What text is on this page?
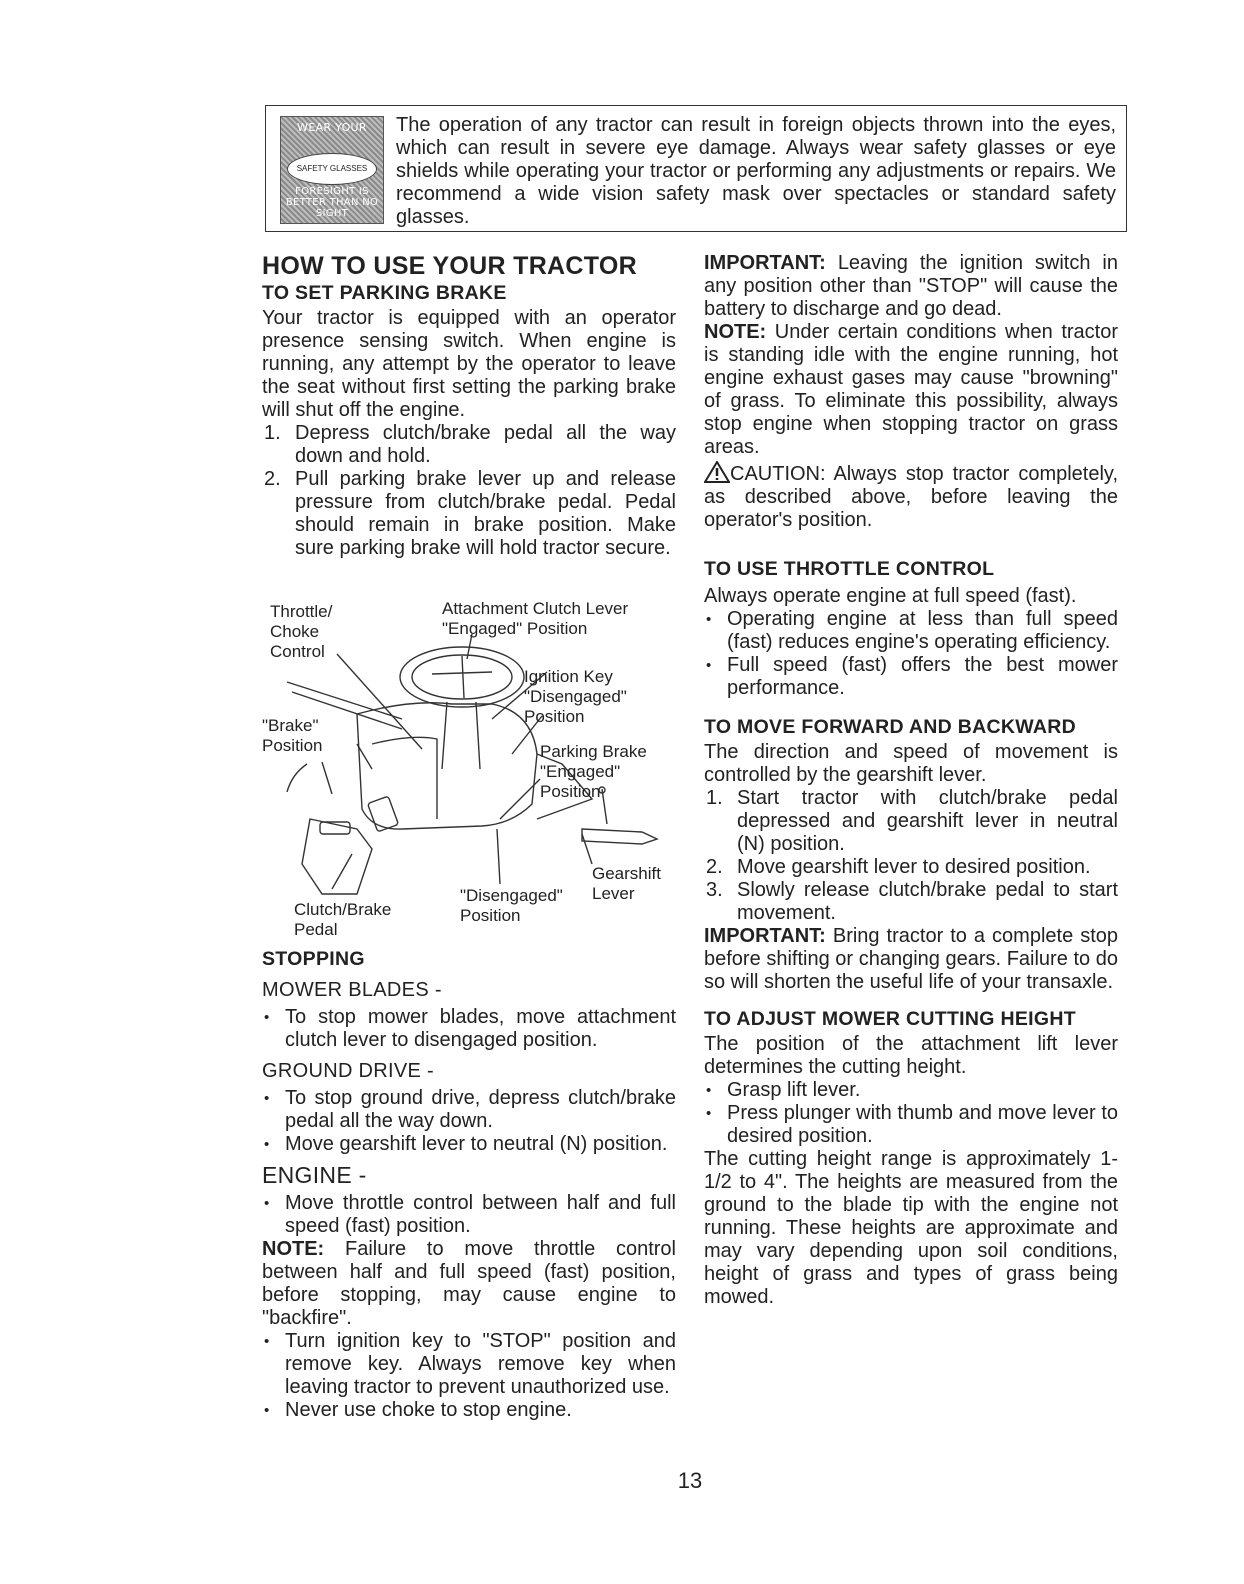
WEAR YOUR
SAFETY GLASSES
FORESIGHT IS BETTER THAN NO SIGHT
The operation of any tractor can result in foreign objects thrown into the eyes, which can result in severe eye damage. Always wear safety glasses or eye shields while operating your tractor or performing any adjustments or repairs. We recommend a wide vision safety mask over spectacles or standard safety glasses.
HOW TO USE YOUR TRACTOR
TO SET PARKING BRAKE

Your tractor is equipped with an operator presence sensing switch. When engine is running, any attempt by the operator to leave the seat without first setting the parking brake will shut off the engine.

1. Depress clutch/brake pedal all the way down and hold.
2. Pull parking brake lever up and release pressure from clutch/brake pedal. Pedal should remain in brake position. Make sure parking brake will hold tractor secure.
Throttle/
Choke
Control
Attachment Clutch Lever
"Engaged" Position
Ignition Key
"Disengaged"
Position
"Brake"
Position	Parking Brake
"Engaged"
Position
Gearshift
Lever
"Disengaged"
Position
Clutch/Brake
Pedal
STOPPING
MOWER BLADES -
• To stop mower blades, move attachment clutch lever to disengaged position.
GROUND DRIVE -
• To stop ground drive, depress clutch/brake pedal all the way down.
• Move gearshift lever to neutral (N) position.
ENGINE -
• Move throttle control between half and full speed (fast) position.

NOTE: Failure to move throttle control between half and full speed (fast) position, before stopping, may cause engine to "backfire".

• Turn ignition key to "STOP" position and remove key. Always remove key when leaving tractor to prevent unauthorized use.
• Never use choke to stop engine.

IMPORTANT: Leaving the ignition switch in any position other than "STOP" will cause the battery to discharge and go dead.

NOTE: Under certain conditions when tractor is standing idle with the engine running, hot engine exhaust gases may cause "browning" of grass. To eliminate this possibility, always stop engine when stopping tractor on grass areas.

CAUTION: Always stop tractor completely, as described above, before leaving the operator's position.

TO USE THROTTLE CONTROL

Always operate engine at full speed (fast).

• Operating engine at less than full speed (fast) reduces engine's operating efficiency.
• Full speed (fast) offers the best mower performance.
TO MOVE FORWARD AND BACKWARD

The direction and speed of movement is controlled by the gearshift lever.

1. Start tractor with clutch/brake pedal depressed and gearshift lever in neutral (N) position.
2. Move gearshift lever to desired position.
3. Slowly release clutch/brake pedal to start movement.

IMPORTANT: Bring tractor to a complete stop before shifting or changing gears. Failure to do so will shorten the useful life of your transaxle.

TO ADJUST MOWER CUTTING HEIGHT

The position of the attachment lift lever determines the cutting height.

• Grasp lift lever.
• Press plunger with thumb and move lever to desired position.

The cutting height range is approximately 1-1/2 to 4". The heights are measured from the ground to the blade tip with the engine not running. These heights are approximate and may vary depending upon soil conditions, height of grass and types of grass being mowed.

13
